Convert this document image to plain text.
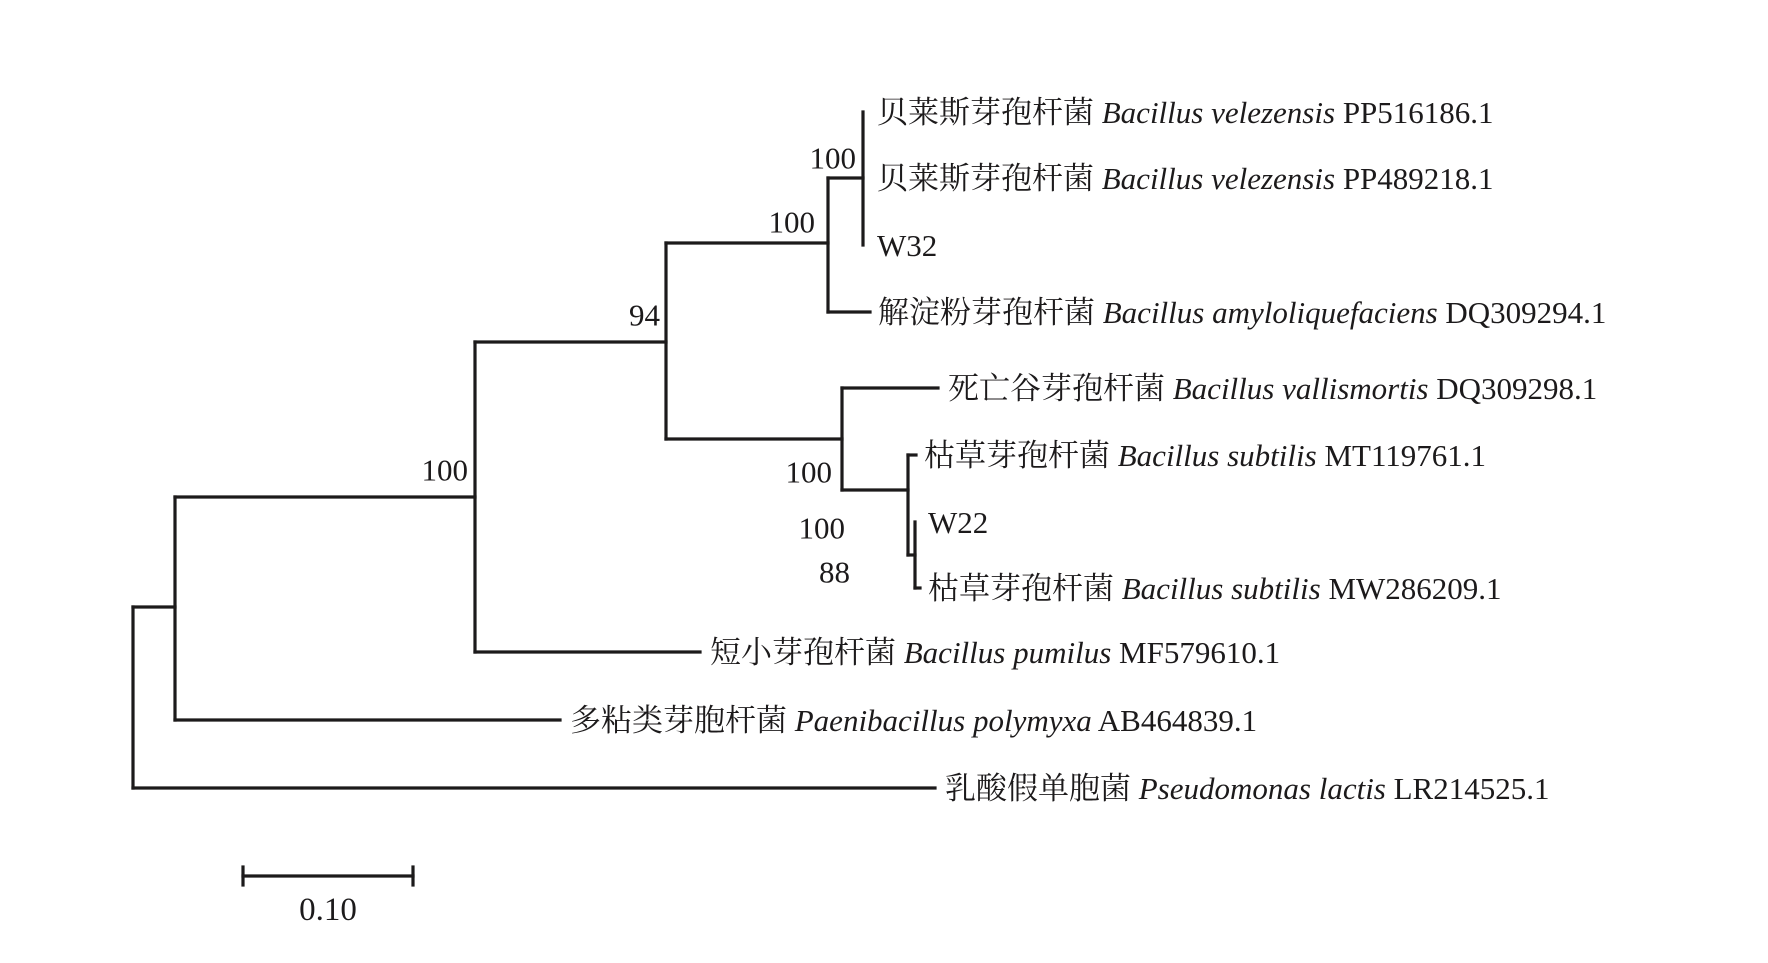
贝莱斯芽孢杆菌 Bacillus velezensis PP516186.1
贝莱斯芽孢杆菌 Bacillus velezensis PP489218.1
W32
解淀粉芽孢杆菌 Bacillus amyloliquefaciens DQ309294.1
死亡谷芽孢杆菌 Bacillus vallismortis DQ309298.1
枯草芽孢杆菌 Bacillus subtilis MT119761.1
W22
枯草芽孢杆菌 Bacillus subtilis MW286209.1
短小芽孢杆菌 Bacillus pumilus MF579610.1
多粘类芽胞杆菌 Paenibacillus polymyxa AB464839.1
乳酸假单胞菌 Pseudomonas lactis LR214525.1
100
100
94
100	100
100
88
0.10
